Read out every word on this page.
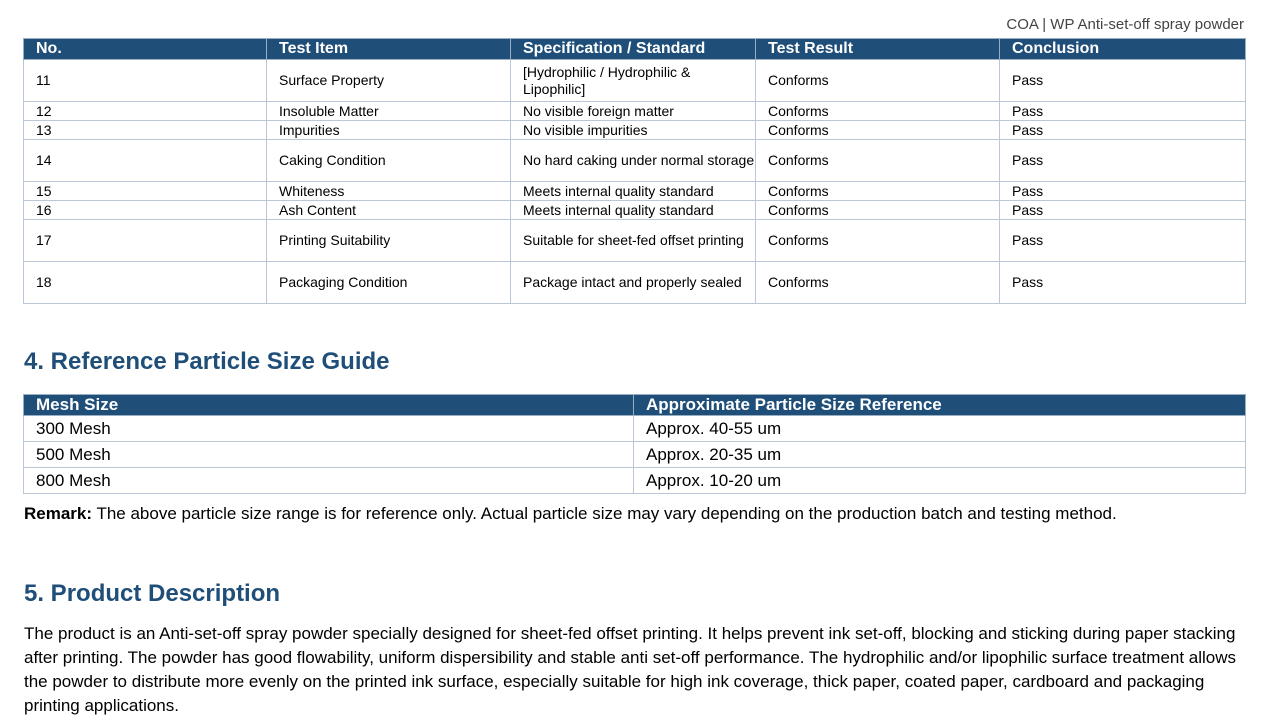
COA | WP Anti-set-off spray powder
No.	Test Item	Specification / Standard	Test Result	Conclusion
11	Surface Property	[Hydrophilic / Hydrophilic & Lipophilic]	Conforms	Pass
12	Insoluble Matter	No visible foreign matter	Conforms	Pass
13	Impurities	No visible impurities	Conforms	Pass
14	Caking Condition	No hard caking under normal storage	Conforms	Pass
15	Whiteness	Meets internal quality standard	Conforms	Pass
16	Ash Content	Meets internal quality standard	Conforms	Pass
17	Printing Suitability	Suitable for sheet-fed offset printing	Conforms	Pass
18	Packaging Condition	Package intact and properly sealed	Conforms	Pass
4. Reference Particle Size Guide
Mesh Size	Approximate Particle Size Reference
300 Mesh	Approx. 40-55 um
500 Mesh	Approx. 20-35 um
800 Mesh	Approx. 10-20 um
Remark: The above particle size range is for reference only. Actual particle size may vary depending on the production batch and testing method.
5. Product Description
The product is an Anti-set-off spray powder specially designed for sheet-fed offset printing. It helps prevent ink set-off, blocking and sticking during paper stacking after printing. The powder has good flowability, uniform dispersibility and stable anti set-off performance. The hydrophilic and/or lipophilic surface treatment allows the powder to distribute more evenly on the printed ink surface, especially suitable for high ink coverage, thick paper, coated paper, cardboard and packaging printing applications.
